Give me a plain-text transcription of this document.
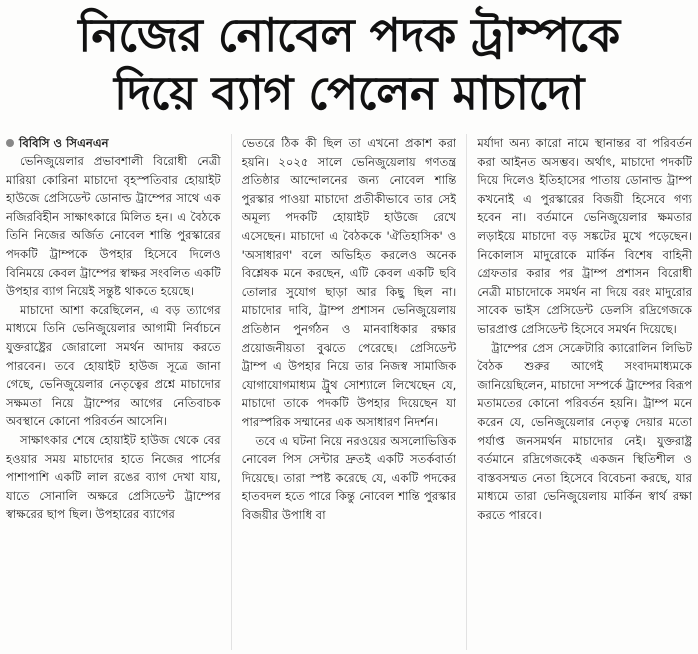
নিজের নোবেল পদক ট্রাম্পকে
দিয়ে ব্যাগ পেলেন মাচাদো
বিবিসি ও সিএনএন

ভেনিজুয়েলার প্রভাবশালী বিরোধী নেত্রী মারিয়া কোরিনা মাচাদো বৃহস্পতিবার হোয়াইট হাউজে প্রেসিডেন্ট ডোনাল্ড ট্রাম্পের সাথে এক নজিরবিহীন সাক্ষাৎকারে মিলিত হন। এ বৈঠকে তিনি নিজের অর্জিত নোবেল শান্তি পুরস্কারের পদকটি ট্রাম্পকে উপহার হিসেবে দিলেও বিনিময়ে কেবল ট্রাম্পের স্বাক্ষর সংবলিত একটি উপহার ব্যাগ নিয়েই সন্তুষ্ট থাকতে হয়েছে।

মাচাদো আশা করেছিলেন, এ বড় ত্যাগের মাধ্যমে তিনি ভেনিজুয়েলার আগামী নির্বাচনে যুক্তরাষ্ট্রের জোরালো সমর্থন আদায় করতে পারবেন। তবে হোয়াইট হাউজ সূত্রে জানা গেছে, ভেনিজুয়েলার নেতৃত্বের প্রশ্নে মাচাদোর সক্ষমতা নিয়ে ট্রাম্পের আগের নেতিবাচক অবস্থানে কোনো পরিবর্তন আসেনি।

সাক্ষাৎকার শেষে হোয়াইট হাউজ থেকে বের হওয়ার সময় মাচাদোর হাতে নিজের পার্সের পাশাপাশি একটি লাল রঙের ব্যাগ দেখা যায়, যাতে সোনালি অক্ষরে প্রেসিডেন্ট ট্রাম্পের স্বাক্ষরের ছাপ ছিল। উপহারের ব্যাগের

ভেতরে ঠিক কী ছিল তা এখনো প্রকাশ করা হয়নি। ২০২৫ সালে ভেনিজুয়েলায় গণতন্ত্র প্রতিষ্ঠার আন্দোলনের জন্য নোবেল শান্তি পুরস্কার পাওয়া মাচাদো প্রতীকীভাবে তার সেই অমূল্য পদকটি হোয়াইট হাউজে রেখে এসেছেন। মাচাদো এ বৈঠককে 'ঐতিহাসিক' ও 'অসাধারণ' বলে অভিহিত করলেও অনেক বিশ্লেষক মনে করছেন, এটি কেবল একটি ছবি তোলার সুযোগ ছাড়া আর কিছু ছিল না। মাচাদোর দাবি, ট্রাম্প প্রশাসন ভেনিজুয়েলায় প্রতিষ্ঠান পুনর্গঠন ও মানবাধিকার রক্ষার প্রয়োজনীয়তা বুঝতে পেরেছে। প্রেসিডেন্ট ট্রাম্প এ উপহার নিয়ে তার নিজস্ব সামাজিক যোগাযোগমাধ্যম ট্রুথ সোশ্যালে লিখেছেন যে, মাচাদো তাকে পদকটি উপহার দিয়েছেন যা পারস্পরিক সম্মানের এক অসাধারণ নিদর্শন।

তবে এ ঘটনা নিয়ে নরওয়ের অসলোভিত্তিক নোবেল পিস সেন্টার দ্রুতই একটি সতর্কবার্তা দিয়েছে। তারা স্পষ্ট করেছে যে, একটি পদকের হাতবদল হতে পারে কিন্তু নোবেল শান্তি পুরস্কার বিজয়ীর উপাধি বা

মর্যাদা অন্য কারো নামে স্থানান্তর বা পরিবর্তন করা আইনত অসম্ভব। অর্থাৎ, মাচাদো পদকটি দিয়ে দিলেও ইতিহাসের পাতায় ডোনাল্ড ট্রাম্প কখনোই এ পুরস্কারের বিজয়ী হিসেবে গণ্য হবেন না। বর্তমানে ভেনিজুয়েলার ক্ষমতার লড়াইয়ে মাচাদো বড় সঙ্কটের মুখে পড়েছেন। নিকোলাস মাদুরোকে মার্কিন বিশেষ বাহিনী গ্রেফতার করার পর ট্রাম্প প্রশাসন বিরোধী নেত্রী মাচাদোকে সমর্থন না দিয়ে বরং মাদুরোর সাবেক ভাইস প্রেসিডেন্ট ডেলসি রদ্রিগেজকে ভারপ্রাপ্ত প্রেসিডেন্ট হিসেবে সমর্থন দিয়েছে।

ট্রাম্পের প্রেস সেক্রেটারি ক্যারোলিন লিভিট বৈঠক শুরুর আগেই সংবাদমাধ্যমকে জানিয়েছিলেন, মাচাদো সম্পর্কে ট্রাম্পের বিরূপ মতামতের কোনো পরিবর্তন হয়নি। ট্রাম্প মনে করেন যে, ভেনিজুয়েলার নেতৃত্ব দেয়ার মতো পর্যাপ্ত জনসমর্থন মাচাদোর নেই। যুক্তরাষ্ট্র বর্তমানে রদ্রিগেজকেই একজন স্থিতিশীল ও বাস্তবসম্মত নেতা হিসেবে বিবেচনা করছে, যার মাধ্যমে তারা ভেনিজুয়েলায় মার্কিন স্বার্থ রক্ষা করতে পারবে।
